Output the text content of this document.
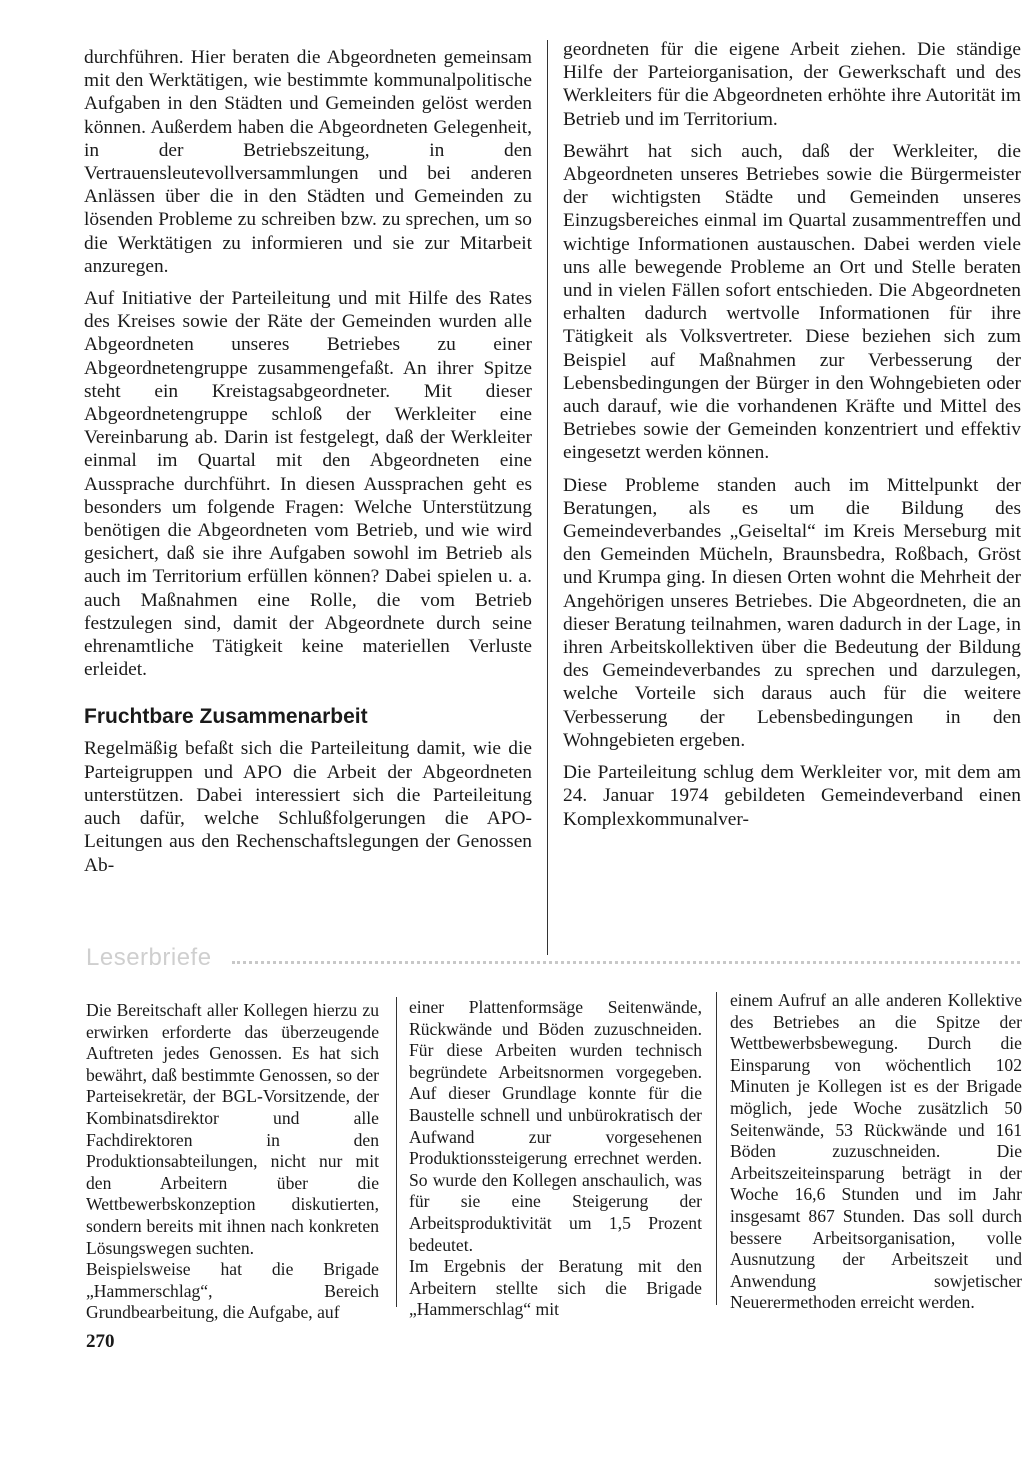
durchführen. Hier beraten die Abgeordneten gemeinsam mit den Werktätigen, wie bestimmte kommunalpolitische Aufgaben in den Städten und Gemeinden gelöst werden können. Außerdem haben die Abgeordneten Gelegenheit, in der Betriebszeitung, in den Vertrauensleutevollversammlungen und bei anderen Anlässen über die in den Städten und Gemeinden zu lösenden Probleme zu schreiben bzw. zu sprechen, um so die Werktätigen zu informieren und sie zur Mitarbeit anzuregen.

Auf Initiative der Parteileitung und mit Hilfe des Rates des Kreises sowie der Räte der Gemeinden wurden alle Abgeordneten unseres Betriebes zu einer Abgeordnetengruppe zusammengefaßt. An ihrer Spitze steht ein Kreistagsabgeordneter. Mit dieser Abgeordnetengruppe schloß der Werkleiter eine Vereinbarung ab. Darin ist festgelegt, daß der Werkleiter einmal im Quartal mit den Abgeordneten eine Aussprache durchführt. In diesen Aussprachen geht es besonders um folgende Fragen: Welche Unterstützung benötigen die Abgeordneten vom Betrieb, und wie wird gesichert, daß sie ihre Aufgaben sowohl im Betrieb als auch im Territorium erfüllen können? Dabei spielen u. a. auch Maßnahmen eine Rolle, die vom Betrieb festzulegen sind, damit der Abgeordnete durch seine ehrenamtliche Tätigkeit keine materiellen Verluste erleidet.

Fruchtbare Zusammenarbeit

Regelmäßig befaßt sich die Parteileitung damit, wie die Parteigruppen und APO die Arbeit der Abgeordneten unterstützen. Dabei interessiert sich die Parteileitung auch dafür, welche Schlußfolgerungen die APO-Leitungen aus den Rechenschaftslegungen der Genossen Ab-

geordneten für die eigene Arbeit ziehen. Die ständige Hilfe der Parteiorganisation, der Gewerkschaft und des Werkleiters für die Abgeordneten erhöhte ihre Autorität im Betrieb und im Territorium.

Bewährt hat sich auch, daß der Werkleiter, die Abgeordneten unseres Betriebes sowie die Bürgermeister der wichtigsten Städte und Gemeinden unseres Einzugsbereiches einmal im Quartal zusammentreffen und wichtige Informationen austauschen. Dabei werden viele uns alle bewegende Probleme an Ort und Stelle beraten und in vielen Fällen sofort entschieden. Die Abgeordneten erhalten dadurch wertvolle Informationen für ihre Tätigkeit als Volksvertreter. Diese beziehen sich zum Beispiel auf Maßnahmen zur Verbesserung der Lebensbedingungen der Bürger in den Wohngebieten oder auch darauf, wie die vorhandenen Kräfte und Mittel des Betriebes sowie der Gemeinden konzentriert und effektiv eingesetzt werden können.

Diese Probleme standen auch im Mittelpunkt der Beratungen, als es um die Bildung des Gemeindeverbandes „Geiseltal“ im Kreis Merseburg mit den Gemeinden Mücheln, Braunsbedra, Roßbach, Gröst und Krumpa ging. In diesen Orten wohnt die Mehrheit der Angehörigen unseres Betriebes. Die Abgeordneten, die an dieser Beratung teilnahmen, waren dadurch in der Lage, in ihren Arbeitskollektiven über die Bedeutung der Bildung des Gemeindeverbandes zu sprechen und darzulegen, welche Vorteile sich daraus auch für die weitere Verbesserung der Lebensbedingungen in den Wohngebieten ergeben.

Die Parteileitung schlug dem Werkleiter vor, mit dem am 24. Januar 1974 gebildeten Gemeindeverband einen Komplexkommunalver-

Leserbriefe

Die Bereitschaft aller Kollegen hierzu zu erwirken erforderte das überzeugende Auftreten jedes Genossen. Es hat sich bewährt, daß bestimmte Genossen, so der Parteisekretär, der BGL-Vorsitzende, der Kombinatsdirektor und alle Fachdirektoren in den Produktionsabteilungen, nicht nur mit den Arbeitern über die Wettbewerbskonzeption diskutierten, sondern bereits mit ihnen nach konkreten Lösungswegen suchten.

Beispielsweise hat die Brigade „Hammerschlag“, Bereich Grundbearbeitung, die Aufgabe, auf

einer Plattenformsäge Seitenwände, Rückwände und Böden zuzuschneiden. Für diese Arbeiten wurden technisch begründete Arbeitsnormen vorgegeben. Auf dieser Grundlage konnte für die Baustelle schnell und unbürokratisch der Aufwand zur vorgesehenen Produktionssteigerung errechnet werden. So wurde den Kollegen anschaulich, was für sie eine Steigerung der Arbeitsproduktivität um 1,5 Prozent bedeutet.

Im Ergebnis der Beratung mit den Arbeitern stellte sich die Brigade „Hammerschlag“ mit

einem Aufruf an alle anderen Kollektive des Betriebes an die Spitze der Wettbewerbsbewegung. Durch die Einsparung von wöchentlich 102 Minuten je Kollegen ist es der Brigade möglich, jede Woche zusätzlich 50 Seitenwände, 53 Rückwände und 161 Böden zuzuschneiden. Die Arbeitszeiteinsparung beträgt in der Woche 16,6 Stunden und im Jahr insgesamt 867 Stunden. Das soll durch bessere Arbeitsorganisation, volle Ausnutzung der Arbeitszeit und Anwendung sowjetischer Neuerermethoden erreicht werden.

270
